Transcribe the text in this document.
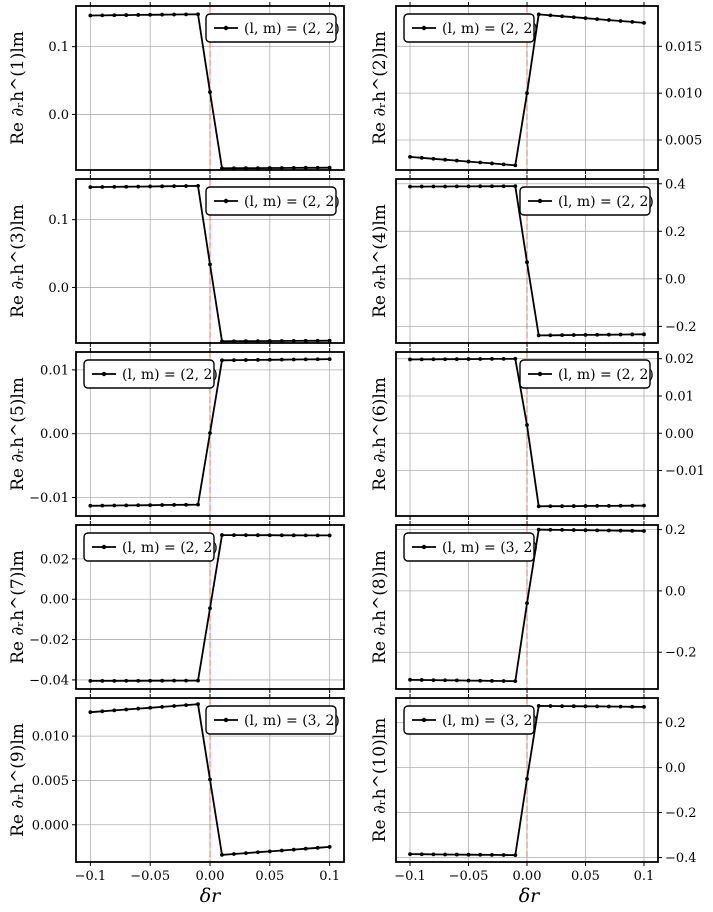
0.0
0.1
Re ∂ᵣh^(1)lm
(l, m) = (2, 2)
0.005
0.010
0.015
Re ∂ᵣh^(2)lm
(l, m) = (2, 2)
0.0
0.1
Re ∂ᵣh^(3)lm
(l, m) = (2, 2)
−0.2
0.0
0.2
0.4
Re ∂ᵣh^(4)lm
(l, m) = (2, 2)
−0.01
0.00
0.01
Re ∂ᵣh^(5)lm
(l, m) = (2, 2)
−0.01
0.00
0.01
0.02
Re ∂ᵣh^(6)lm
(l, m) = (2, 2)
−0.04
−0.02
0.00
0.02
Re ∂ᵣh^(7)lm
(l, m) = (2, 2)
−0.2
0.0
0.2
Re ∂ᵣh^(8)lm
(l, m) = (3, 2)
−0.1 −0.05 0.00 0.05	0.1
0.000
0.005
0.010
Re ∂ᵣh^(9)lm
(l, m) = (3, 2)
−0.1 −0.05 0.00 0.05	0.1
−0.4
−0.2
0.0
0.2
Re ∂ᵣh^(10)lm	(l, m) = (3, 2)
δr	δr
